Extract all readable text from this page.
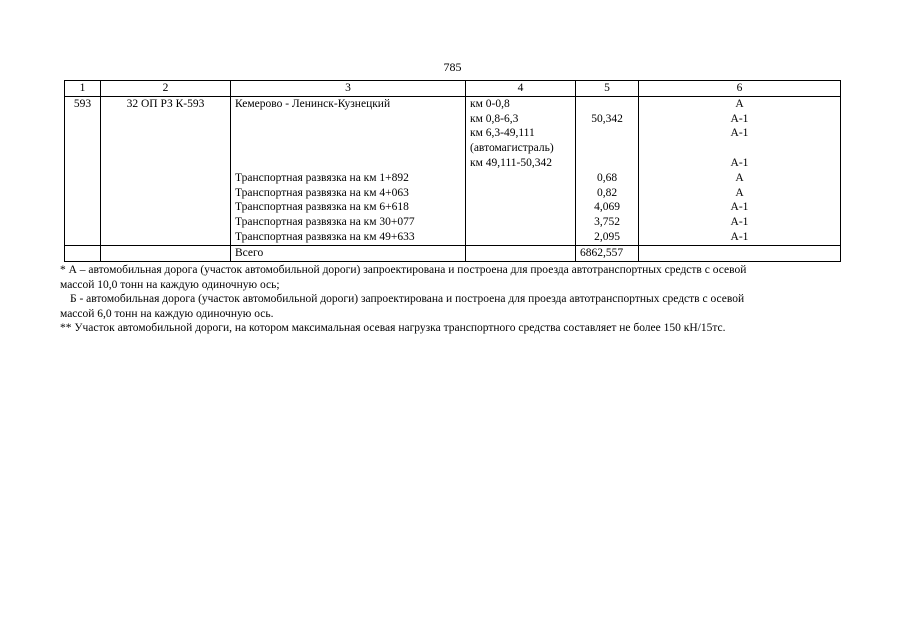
785
1	2	3	4	5	6
593	32 ОП РЗ К-593	Кемерово - Ленинск-Кузнецкий	км 0-0,8		А
			км 0,8-6,3	50,342	А-1
			км 6,3-49,111		А-1
			(автомагистраль)		
			км 49,111-50,342		А-1
		Транспортная развязка на км 1+892		0,68	А
		Транспортная развязка на км 4+063		0,82	А
		Транспортная развязка на км 6+618		4,069	А-1
		Транспортная развязка на км 30+077		3,752	А-1
		Транспортная развязка на км 49+633		2,095	А-1
		Всего		6862,557	

* А – автомобильная дорога (участок автомобильной дороги) запроектирована и построена для проезда автотранспортных средств с осевой

массой 10,0 тонн на каждую одиночную ось;

Б - автомобильная дорога (участок автомобильной дороги) запроектирована и построена для проезда автотранспортных средств с осевой

массой 6,0 тонн на каждую одиночную ось.

** Участок автомобильной дороги, на котором максимальная осевая нагрузка транспортного средства составляет не более 150 кН/15тс.
